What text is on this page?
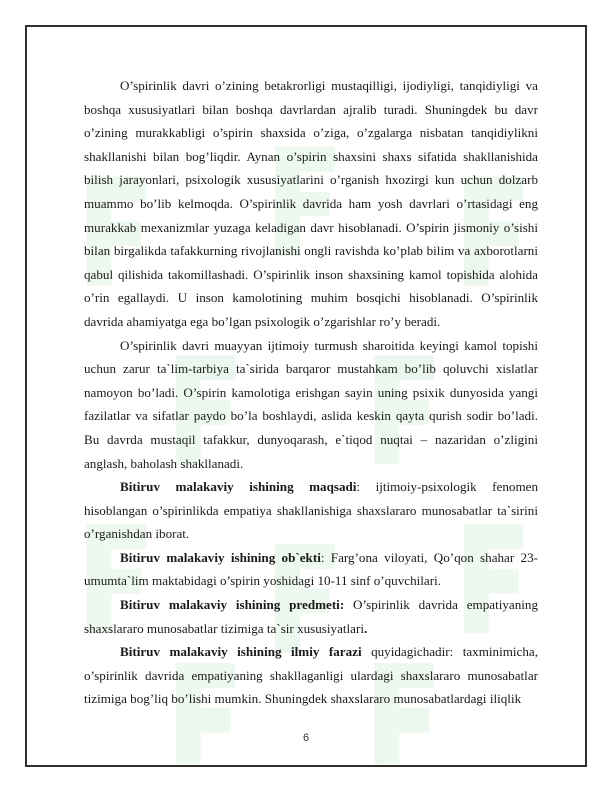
O’spirinlik davri o’zining betakrorligi mustaqilligi, ijodiyligi, tanqidiyligi va boshqa xususiyatlari bilan boshqa davrlardan ajralib turadi. Shuningdek bu davr o’zining murakkabligi o’spirin shaxsida o’ziga, o’zgalarga nisbatan tanqidiylikni shakllanishi bilan bog’liqdir. Aynan o’spirin shaxsini shaxs sifatida shakllanishida bilish jarayonlari, psixologik xususiyatlarini o’rganish hxozirgi kun uchun dolzarb muammo bo’lib kelmoqda. O’spirinlik davrida ham yosh davrlari o’rtasidagi eng murakkab mexanizmlar yuzaga keladigan davr hisoblanadi. O’spirin jismoniy o’sishi bilan birgalikda tafakkurning rivojlanishi ongli ravishda ko’plab bilim va axborotlarni qabul qilishida takomillashadi. O’spirinlik inson shaxsining kamol topishida alohida o’rin egallaydi. U inson kamolotining muhim bosqichi hisoblanadi. O’spirinlik davrida ahamiyatga ega bo’lgan psixologik o’zgarishlar ro’y beradi.

O’spirinlik davri muayyan ijtimoiy turmush sharoitida keyingi kamol topishi uchun zarur ta`lim-tarbiya ta`sirida barqaror mustahkam bo’lib qoluvchi xislatlar namoyon bo’ladi. O’spirin kamolotiga erishgan sayin uning psixik dunyosida yangi fazilatlar va sifatlar paydo bo’la boshlaydi, aslida keskin qayta qurish sodir bo’ladi. Bu davrda mustaqil tafakkur, dunyoqarash, e`tiqod nuqtai – nazaridan o’zligini anglash, baholash shakllanadi.

Bitiruv malakaviy ishining maqsadi: ijtimoiy-psixologik fenomen hisoblangan o’spirinlikda empatiya shakllanishiga shaxslararo munosabatlar ta`sirini o’rganishdan iborat.

Bitiruv malakaviy ishining ob`ekti: Farg’ona viloyati, Qo’qon shahar 23-umumta`lim maktabidagi o’spirin yoshidagi 10-11 sinf o’quvchilari.

Bitiruv malakaviy ishining predmeti: O’spirinlik davrida empatiyaning shaxslararo munosabatlar tizimiga ta`sir xususiyatlari.

Bitiruv malakaviy ishining ilmiy farazi quyidagichadir: taxminimicha, o’spirinlik davrida empatiyaning shakllaganligi ulardagi shaxslararo munosabatlar tizimiga bog’liq bo’lishi mumkin. Shuningdek shaxslararo munosabatlardagi iliqlik

6
